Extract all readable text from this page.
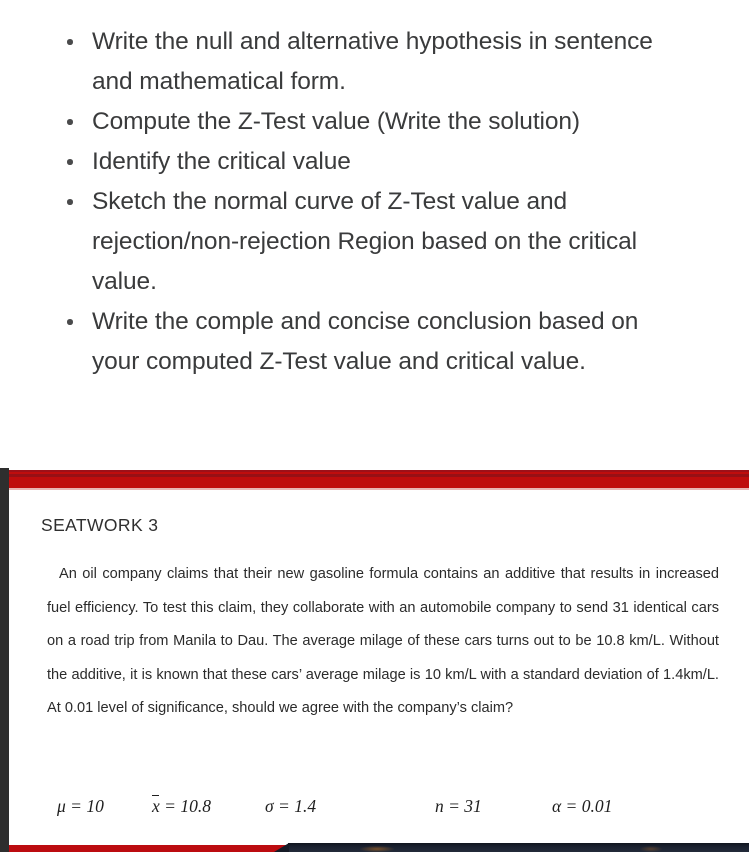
Write the null and alternative hypothesis in sentence and mathematical form.
Compute the Z-Test value (Write the solution)
Identify the critical value
Sketch the normal curve of Z-Test value and rejection/non-rejection Region based on the critical value.
Write the comple and concise conclusion based on your computed Z-Test value and critical value.
SEATWORK 3
An oil company claims that their new gasoline formula contains an additive that results in increased fuel efficiency. To test this claim, they collaborate with an automobile company to send 31 identical cars on a road trip from Manila to Dau. The average milage of these cars turns out to be 10.8 km/L. Without the additive, it is known that these cars’ average milage is 10 km/L with a standard deviation of 1.4km/L. At 0.01 level of significance, should we agree with the company’s claim?
μ = 10	x = 10.8	σ = 1.4	n = 31	α = 0.01
